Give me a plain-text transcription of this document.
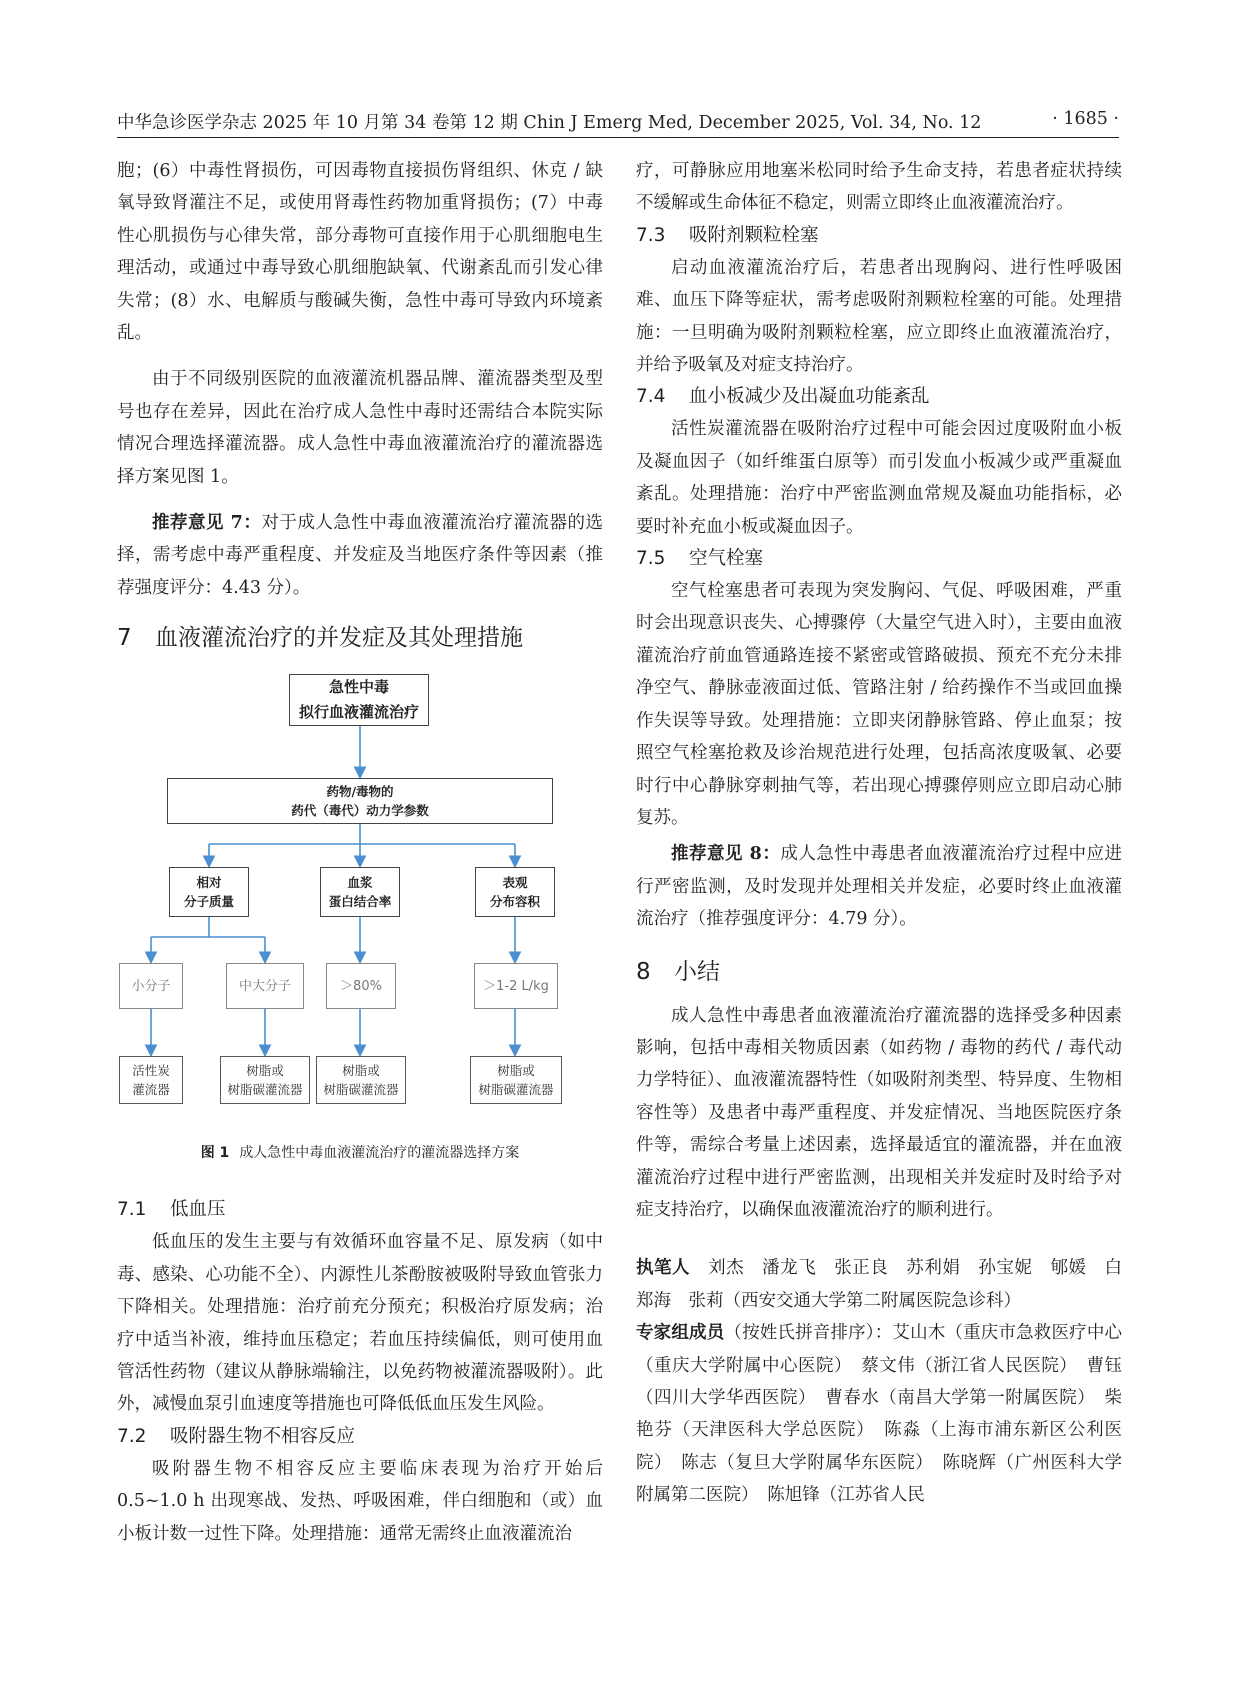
中华急诊医学杂志 2025 年 10 月第 34 卷第 12 期 Chin J Emerg Med, December 2025, Vol. 34, No. 12	· 1685 ·

胞；(6）中毒性肾损伤，可因毒物直接损伤肾组织、休克 / 缺氧导致肾灌注不足，或使用肾毒性药物加重肾损伤；(7）中毒性心肌损伤与心律失常，部分毒物可直接作用于心肌细胞电生理活动，或通过中毒导致心肌细胞缺氧、代谢紊乱而引发心律失常；(8）水、电解质与酸碱失衡，急性中毒可导致内环境紊乱。

由于不同级别医院的血液灌流机器品牌、灌流器类型及型号也存在差异，因此在治疗成人急性中毒时还需结合本院实际情况合理选择灌流器。成人急性中毒血液灌流治疗的灌流器选择方案见图 1。

推荐意见 7：对于成人急性中毒血液灌流治疗灌流器的选择，需考虑中毒严重程度、并发症及当地医疗条件等因素（推荐强度评分：4.43 分）。

7 血液灌流治疗的并发症及其处理措施
急性中毒
拟行血液灌流治疗
药物/毒物的
药代（毒代）动力学参数
相对
分子质量
血浆
蛋白结合率
表观
分布容积
小分子	中大分子	＞80%	＞1-2 L/kg
活性炭
灌流器
树脂或
树脂碳灌流器
树脂或
树脂碳灌流器
树脂或
树脂碳灌流器
图 1 成人急性中毒血液灌流治疗的灌流器选择方案
7.1 低血压

低血压的发生主要与有效循环血容量不足、原发病（如中毒、感染、心功能不全）、内源性儿茶酚胺被吸附导致血管张力下降相关。处理措施：治疗前充分预充；积极治疗原发病；治疗中适当补液，维持血压稳定；若血压持续偏低，则可使用血管活性药物（建议从静脉端输注，以免药物被灌流器吸附）。此外，减慢血泵引血速度等措施也可降低低血压发生风险。

7.2 吸附器生物不相容反应

吸附器生物不相容反应主要临床表现为治疗开始后 0.5~1.0 h 出现寒战、发热、呼吸困难，伴白细胞和（或）血小板计数一过性下降。处理措施：通常无需终止血液灌流治

疗，可静脉应用地塞米松同时给予生命支持，若患者症状持续不缓解或生命体征不稳定，则需立即终止血液灌流治疗。

7.3 吸附剂颗粒栓塞

启动血液灌流治疗后，若患者出现胸闷、进行性呼吸困难、血压下降等症状，需考虑吸附剂颗粒栓塞的可能。处理措施：一旦明确为吸附剂颗粒栓塞，应立即终止血液灌流治疗，并给予吸氧及对症支持治疗。

7.4 血小板减少及出凝血功能紊乱

活性炭灌流器在吸附治疗过程中可能会因过度吸附血小板及凝血因子（如纤维蛋白原等）而引发血小板减少或严重凝血紊乱。处理措施：治疗中严密监测血常规及凝血功能指标，必要时补充血小板或凝血因子。

7.5 空气栓塞

空气栓塞患者可表现为突发胸闷、气促、呼吸困难，严重时会出现意识丧失、心搏骤停（大量空气进入时），主要由血液灌流治疗前血管通路连接不紧密或管路破损、预充不充分未排净空气、静脉壶液面过低、管路注射 / 给药操作不当或回血操作失误等导致。处理措施：立即夹闭静脉管路、停止血泵；按照空气栓塞抢救及诊治规范进行处理，包括高浓度吸氧、必要时行中心静脉穿刺抽气等，若出现心搏骤停则应立即启动心肺复苏。

推荐意见 8：成人急性中毒患者血液灌流治疗过程中应进行严密监测，及时发现并处理相关并发症，必要时终止血液灌流治疗（推荐强度评分：4.79 分）。

8 小结

成人急性中毒患者血液灌流治疗灌流器的选择受多种因素影响，包括中毒相关物质因素（如药物 / 毒物的药代 / 毒代动力学特征）、血液灌流器特性（如吸附剂类型、特异度、生物相容性等）及患者中毒严重程度、并发症情况、当地医院医疗条件等，需综合考量上述因素，选择最适宜的灌流器，并在血液灌流治疗过程中进行严密监测，出现相关并发症时及时给予对症支持治疗，以确保血液灌流治疗的顺利进行。

执笔人　 刘杰　潘龙飞　张正良　苏利娟　孙宝妮　郇媛　白郑海　张莉（西安交通大学第二附属医院急诊科）

专家组成员（按姓氏拼音排序）：艾山木（重庆市急救医疗中心（重庆大学附属中心医院）　蔡文伟（浙江省人民医院）　曹钰（四川大学华西医院）　曹春水（南昌大学第一附属医院）　柴艳芬（天津医科大学总医院）　陈淼（上海市浦东新区公利医院）　陈志（复旦大学附属华东医院）　陈晓辉（广州医科大学附属第二医院）　陈旭锋（江苏省人民
